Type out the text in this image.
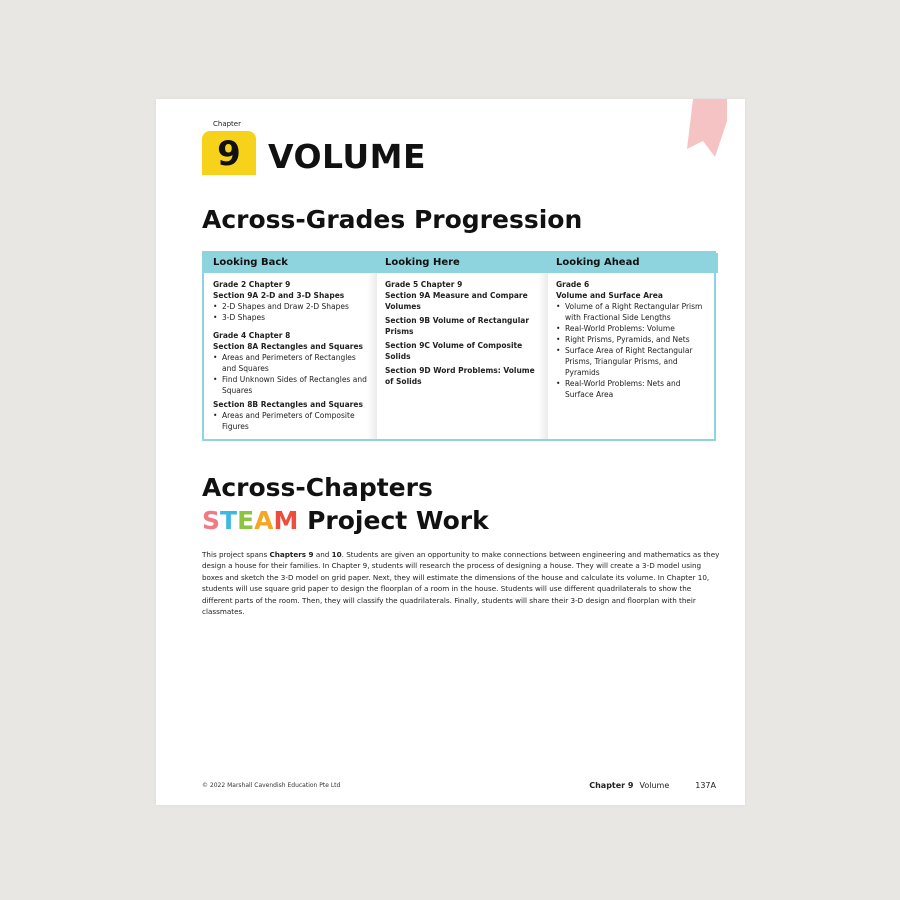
Chapter
9 VOLUME
Across-Grades Progression
Looking Back
Grade 2 Chapter 9
Section 9A 2-D and 3-D Shapes
• 2-D Shapes and Draw 2-D Shapes
• 3-D Shapes
Grade 4 Chapter 8
Section 8A Rectangles and Squares
• Areas and Perimeters of Rectangles and Squares
• Find Unknown Sides of Rectangles and Squares
Section 8B Rectangles and Squares
• Areas and Perimeters of Composite Figures
Looking Here
Grade 5 Chapter 9
Section 9A Measure and Compare Volumes
Section 9B Volume of Rectangular Prisms
Section 9C Volume of Composite Solids
Section 9D Word Problems: Volume of Solids
Looking Ahead
Grade 6
Volume and Surface Area
• Volume of a Right Rectangular Prism with Fractional Side Lengths
• Real-World Problems: Volume
• Right Prisms, Pyramids, and Nets
• Surface Area of Right Rectangular Prisms, Triangular Prisms, and Pyramids
• Real-World Problems: Nets and Surface Area
Across-Chapters
STEAM Project Work
This project spans Chapters 9 and 10. Students are given an opportunity to make connections between engineering and mathematics as they design a house for their families. In Chapter 9, students will research the process of designing a house. They will create a 3-D model using boxes and sketch the 3-D model on grid paper. Next, they will estimate the dimensions of the house and calculate its volume. In Chapter 10, students will use square grid paper to design the floorplan of a room in the house. Students will use different quadrilaterals to show the different parts of the room. Then, they will classify the quadrilaterals. Finally, students will share their 3-D design and floorplan with their classmates.
© 2022 Marshall Cavendish Education Pte Ltd	Chapter 9 Volume	137A
